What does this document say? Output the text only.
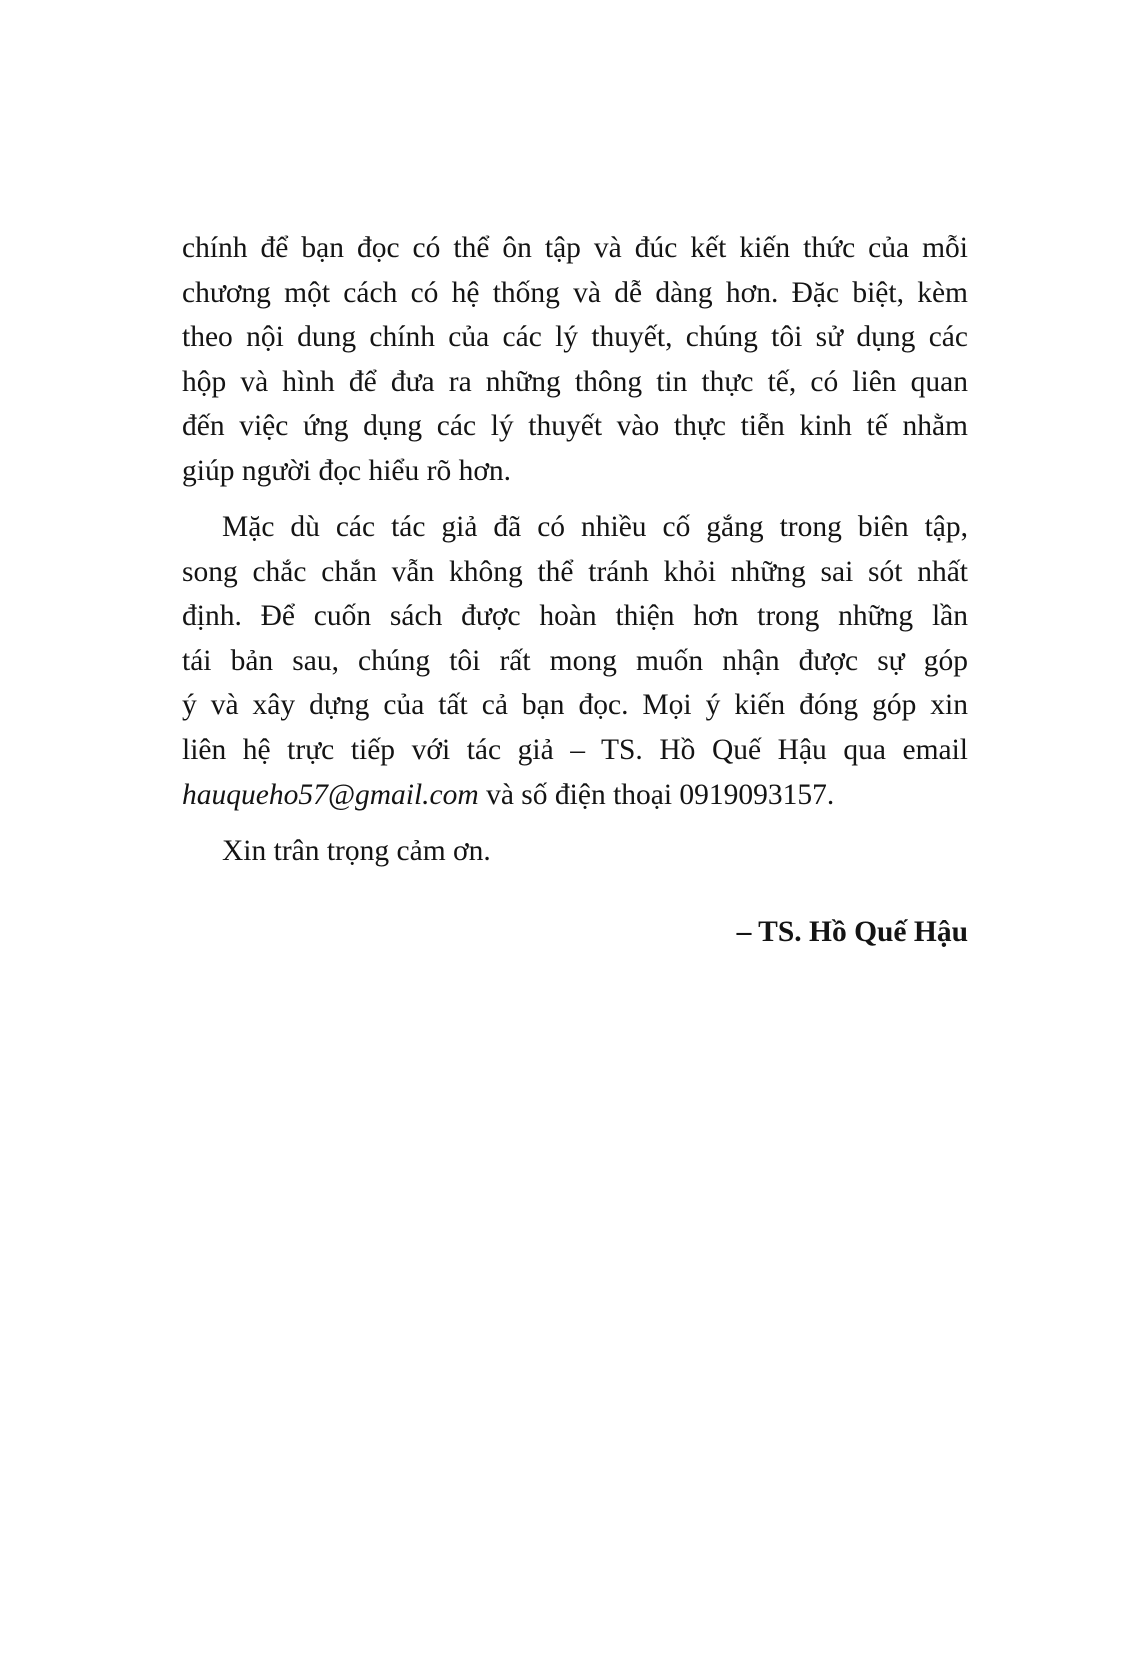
chính để bạn đọc có thể ôn tập và đúc kết kiến thức của mỗi
chương một cách có hệ thống và dễ dàng hơn. Đặc biệt, kèm
theo nội dung chính của các lý thuyết, chúng tôi sử dụng các
hộp và hình để đưa ra những thông tin thực tế, có liên quan
đến việc ứng dụng các lý thuyết vào thực tiễn kinh tế nhằm
giúp người đọc hiểu rõ hơn.

Mặc dù các tác giả đã có nhiều cố gắng trong biên tập,
song chắc chắn vẫn không thể tránh khỏi những sai sót nhất
định. Để cuốn sách được hoàn thiện hơn trong những lần
tái bản sau, chúng tôi rất mong muốn nhận được sự góp
ý và xây dựng của tất cả bạn đọc. Mọi ý kiến đóng góp xin
liên hệ trực tiếp với tác giả – TS. Hồ Quế Hậu qua email
hauqueho57@gmail.com và số điện thoại 0919093157.

Xin trân trọng cảm ơn.

– TS. Hồ Quế Hậu
